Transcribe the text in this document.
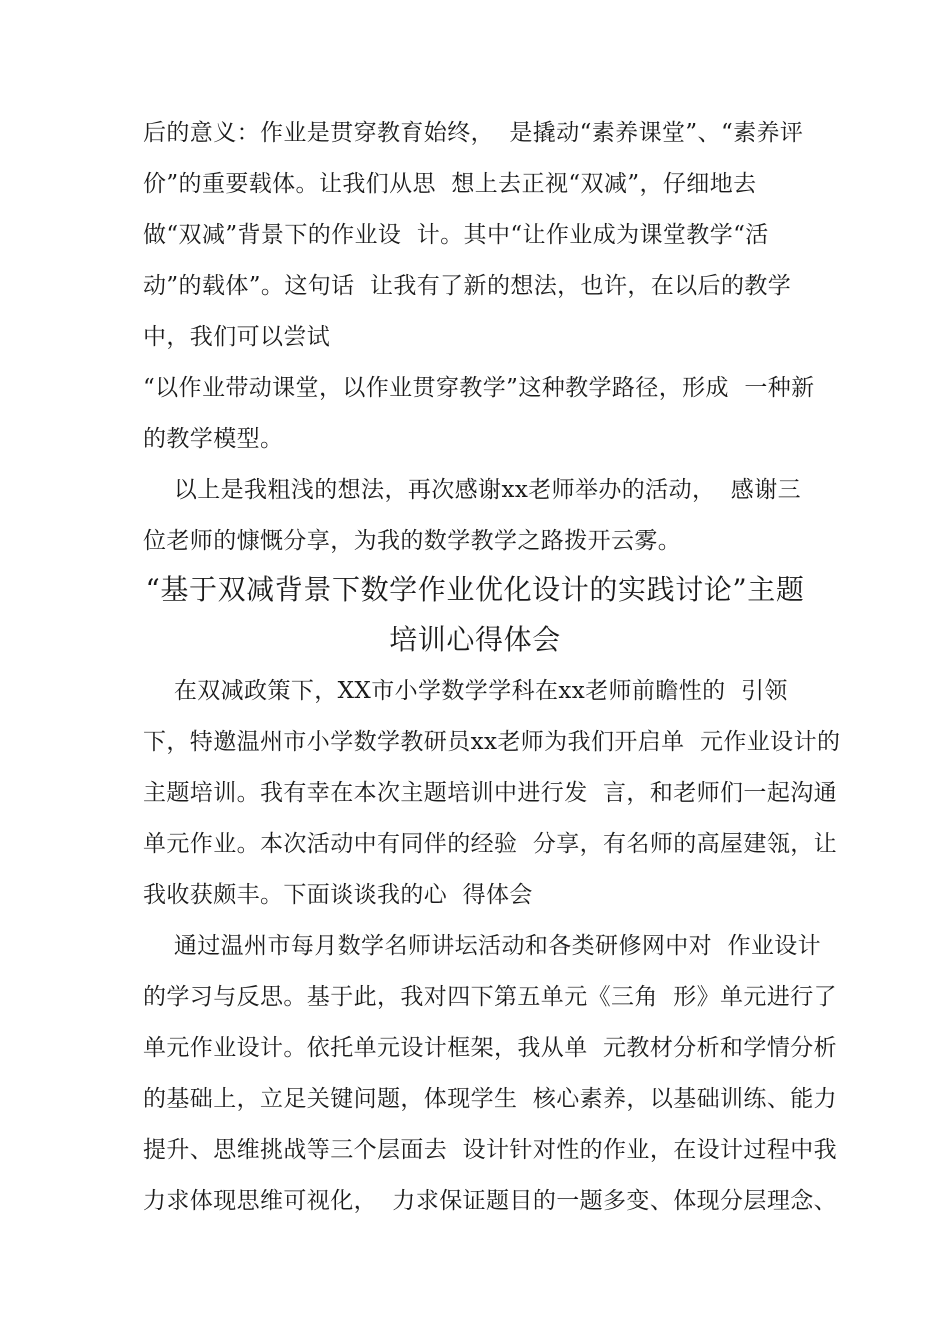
后的意义：作业是贯穿教育始终，  是撬动“素养课堂”、“素养评
价”的重要载体。让我们从思  想上去正视“双减”，仔细地去
做“双减”背景下的作业设  计。其中“让作业成为课堂教学“活
动”的载体”。这句话  让我有了新的想法，也许，在以后的教学
中，我们可以尝试
“以作业带动课堂，以作业贯穿教学”这种教学路径，形成  一种新
的教学模型。
以上是我粗浅的想法，再次感谢xx老师举办的活动，  感谢三
位老师的慷慨分享，为我的数学教学之路拨开云雾。
“基于双减背景下数学作业优化设计的实践讨论”主题
培训心得体会
在双减政策下，XX市小学数学学科在xx老师前瞻性的  引领
下，特邀温州市小学数学教研员xx老师为我们开启单  元作业设计的
主题培训。我有幸在本次主题培训中进行发  言，和老师们一起沟通
单元作业。本次活动中有同伴的经验  分享，有名师的高屋建瓴，让
我收获颇丰。下面谈谈我的心  得体会
通过温州市每月数学名师讲坛活动和各类研修网中对  作业设计
的学习与反思。基于此，我对四下第五单元《三角  形》单元进行了
单元作业设计。依托单元设计框架，我从单  元教材分析和学情分析
的基础上，立足关键问题，体现学生  核心素养，以基础训练、能力
提升、思维挑战等三个层面去  设计针对性的作业，在设计过程中我
力求体现思维可视化，  力求保证题目的一题多变、体现分层理念、
